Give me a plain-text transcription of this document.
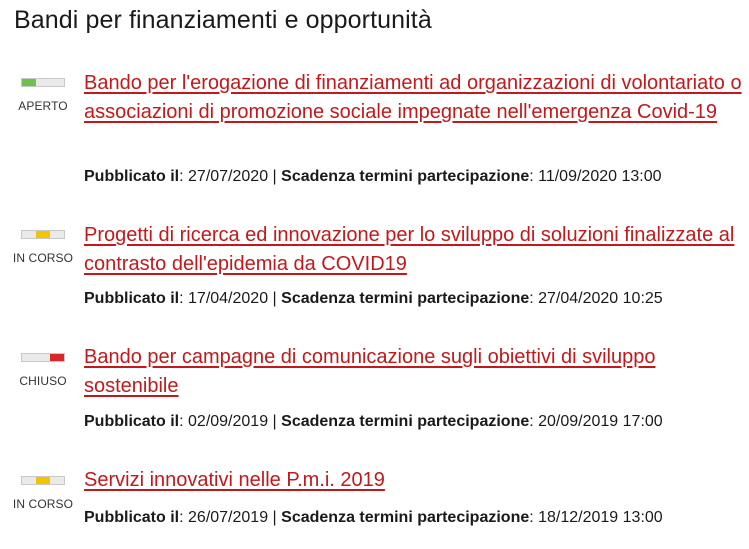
Bandi per finanziamenti e opportunità
APERTO
Bando per l'erogazione di finanziamenti ad organizzazioni di volontariato o associazioni di promozione sociale impegnate nell'emergenza Covid-19
Pubblicato il: 27/07/2020 | Scadenza termini partecipazione: 11/09/2020 13:00
IN CORSO
Progetti di ricerca ed innovazione per lo sviluppo di soluzioni finalizzate al contrasto dell'epidemia da COVID19
Pubblicato il: 17/04/2020 | Scadenza termini partecipazione: 27/04/2020 10:25
CHIUSO
Bando per campagne di comunicazione sugli obiettivi di sviluppo sostenibile
Pubblicato il: 02/09/2019 | Scadenza termini partecipazione: 20/09/2019 17:00
IN CORSO
Servizi innovativi nelle P.m.i. 2019
Pubblicato il: 26/07/2019 | Scadenza termini partecipazione: 18/12/2019 13:00
